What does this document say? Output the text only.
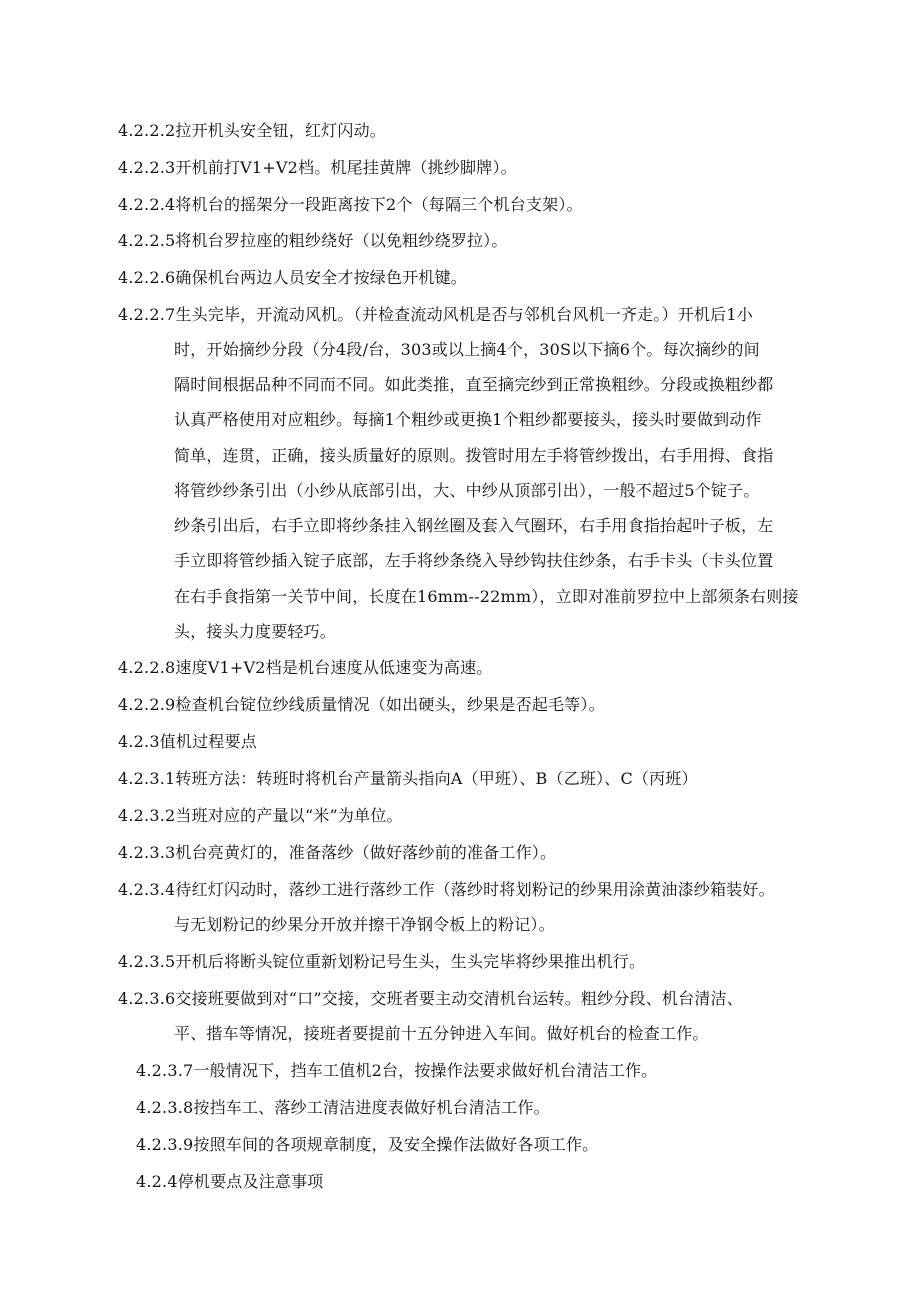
4.2.2.2拉开机头安全钮，红灯闪动。
4.2.2.3开机前打V1+V2档。机尾挂黄牌（挑纱脚牌）。
4.2.2.4将机台的摇架分一段距离按下2个（每隔三个机台支架）。
4.2.2.5将机台罗拉座的粗纱绕好（以免粗纱绕罗拉）。
4.2.2.6确保机台两边人员安全才按绿色开机键。
4.2.2.7生头完毕，开流动风机。（并检查流动风机是否与邻机台风机一齐走。）开机后1小
时，开始摘纱分段（分4段/台，303或以上摘4个，30S以下摘6个。每次摘纱的间
隔时间根据品种不同而不同。如此类推，直至摘完纱到正常换粗纱。分段或换粗纱都
认真严格使用对应粗纱。每摘1个粗纱或更换1个粗纱都要接头，接头时要做到动作
简单，连贯，正确，接头质量好的原则。拨管时用左手将管纱拨出，右手用拇、食指
将管纱纱条引出（小纱从底部引出，大、中纱从顶部引出），一般不超过5个锭子。
纱条引出后，右手立即将纱条挂入钢丝圈及套入气圈环，右手用食指抬起叶子板，左
手立即将管纱插入锭子底部，左手将纱条绕入导纱钩扶住纱条，右手卡头（卡头位置
在右手食指第一关节中间，长度在16mm--22mm），立即对准前罗拉中上部须条右则接
头，接头力度要轻巧。
4.2.2.8速度V1+V2档是机台速度从低速变为高速。
4.2.2.9检查机台锭位纱线质量情况（如出硬头，纱果是否起毛等）。
4.2.3值机过程要点
4.2.3.1转班方法：转班时将机台产量箭头指向A（甲班）、B（乙班）、C（丙班）
4.2.3.2当班对应的产量以“米”为单位。
4.2.3.3机台亮黄灯的，准备落纱（做好落纱前的准备工作）。
4.2.3.4待红灯闪动时，落纱工进行落纱工作（落纱时将划粉记的纱果用涂黄油漆纱箱装好。
与无划粉记的纱果分开放并擦干净钢令板上的粉记）。
4.2.3.5开机后将断头锭位重新划粉记号生头，生头完毕将纱果推出机行。
4.2.3.6交接班要做到对“口”交接，交班者要主动交清机台运转。粗纱分段、机台清洁、
平、揩车等情况，接班者要提前十五分钟进入车间。做好机台的检查工作。
4.2.3.7一般情况下，挡车工值机2台，按操作法要求做好机台清洁工作。
4.2.3.8按挡车工、落纱工清洁进度表做好机台清洁工作。
4.2.3.9按照车间的各项规章制度，及安全操作法做好各项工作。
4.2.4停机要点及注意事项
